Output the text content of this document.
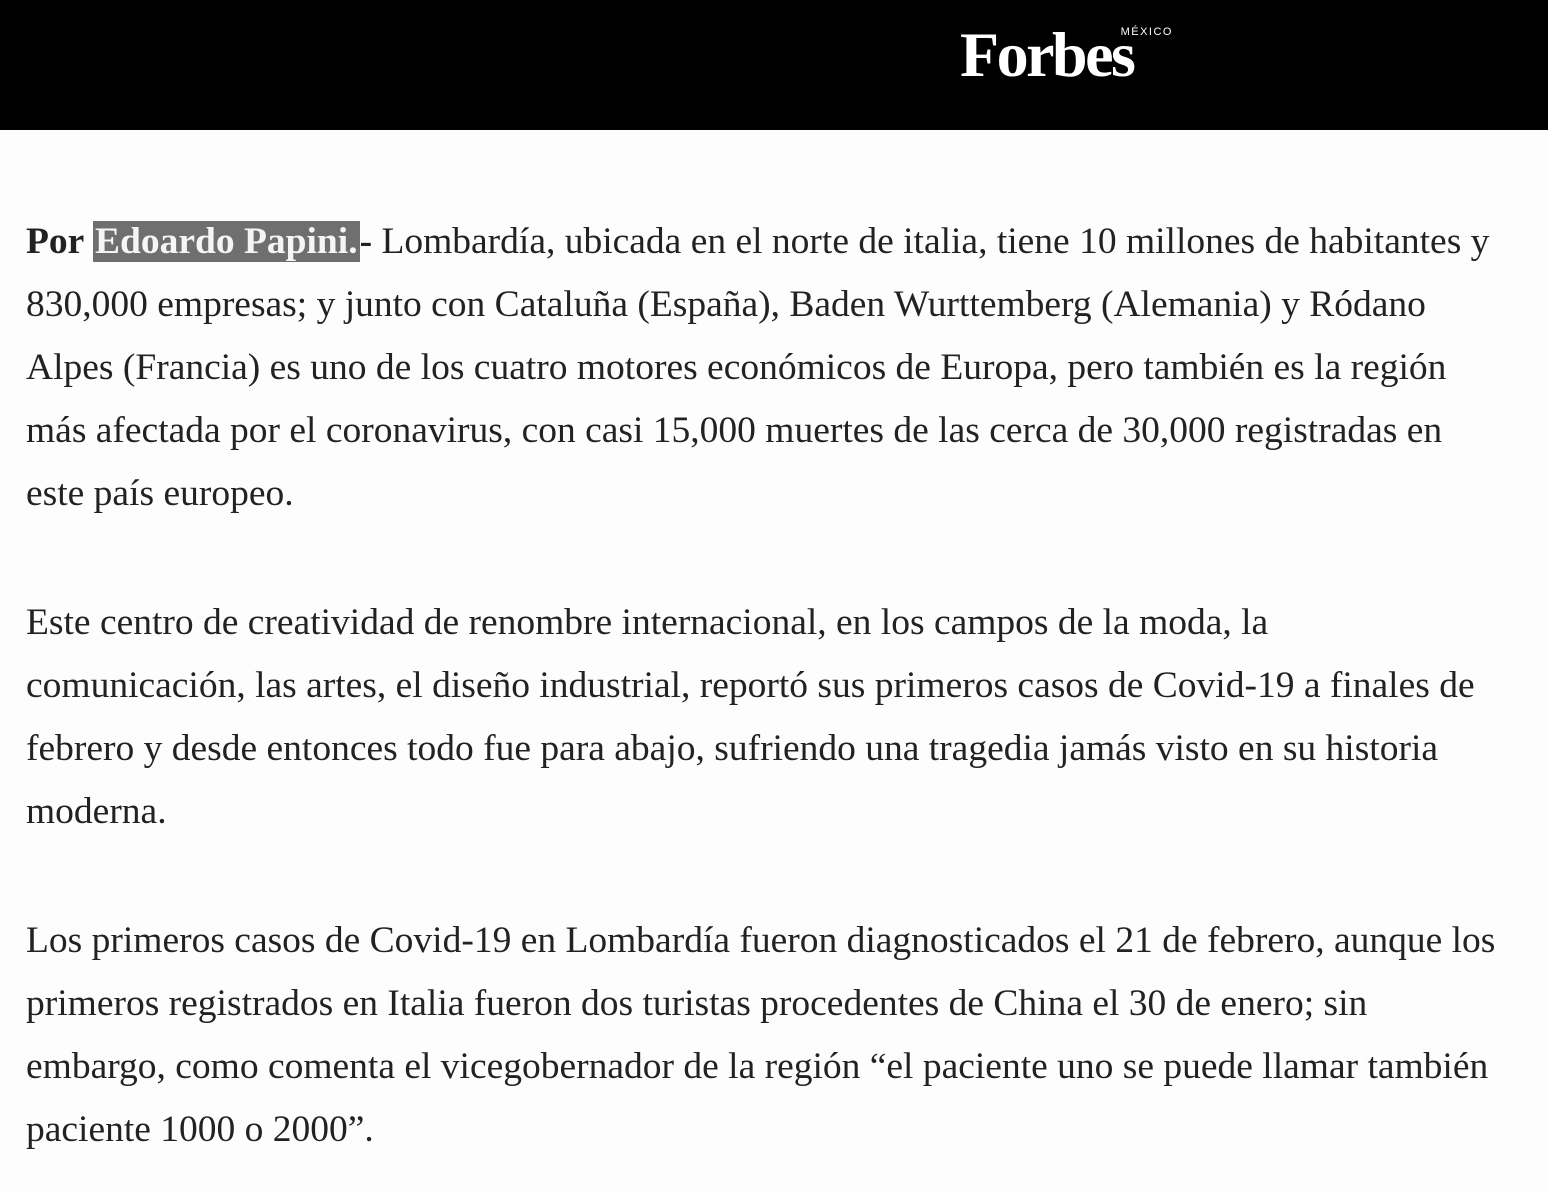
Forbes
MÉXICO

Por Edoardo Papini.- Lombardía, ubicada en el norte de italia, tiene 10 millones de habitantes y 830,000 empresas; y junto con Cataluña (España), Baden Wurttemberg (Alemania) y Ródano Alpes (Francia) es uno de los cuatro motores económicos de Europa, pero también es la región más afectada por el coronavirus, con casi 15,000 muertes de las cerca de 30,000 registradas en este país europeo.

Este centro de creatividad de renombre internacional, en los campos de la moda, la comunicación, las artes, el diseño industrial, reportó sus primeros casos de Covid-19 a finales de febrero y desde entonces todo fue para abajo, sufriendo una tragedia jamás visto en su historia moderna.

Los primeros casos de Covid-19 en Lombardía fueron diagnosticados el 21 de febrero, aunque los primeros registrados en Italia fueron dos turistas procedentes de China el 30 de enero; sin embargo, como comenta el vicegobernador de la región “el paciente uno se puede llamar también paciente 1000 o 2000”.
